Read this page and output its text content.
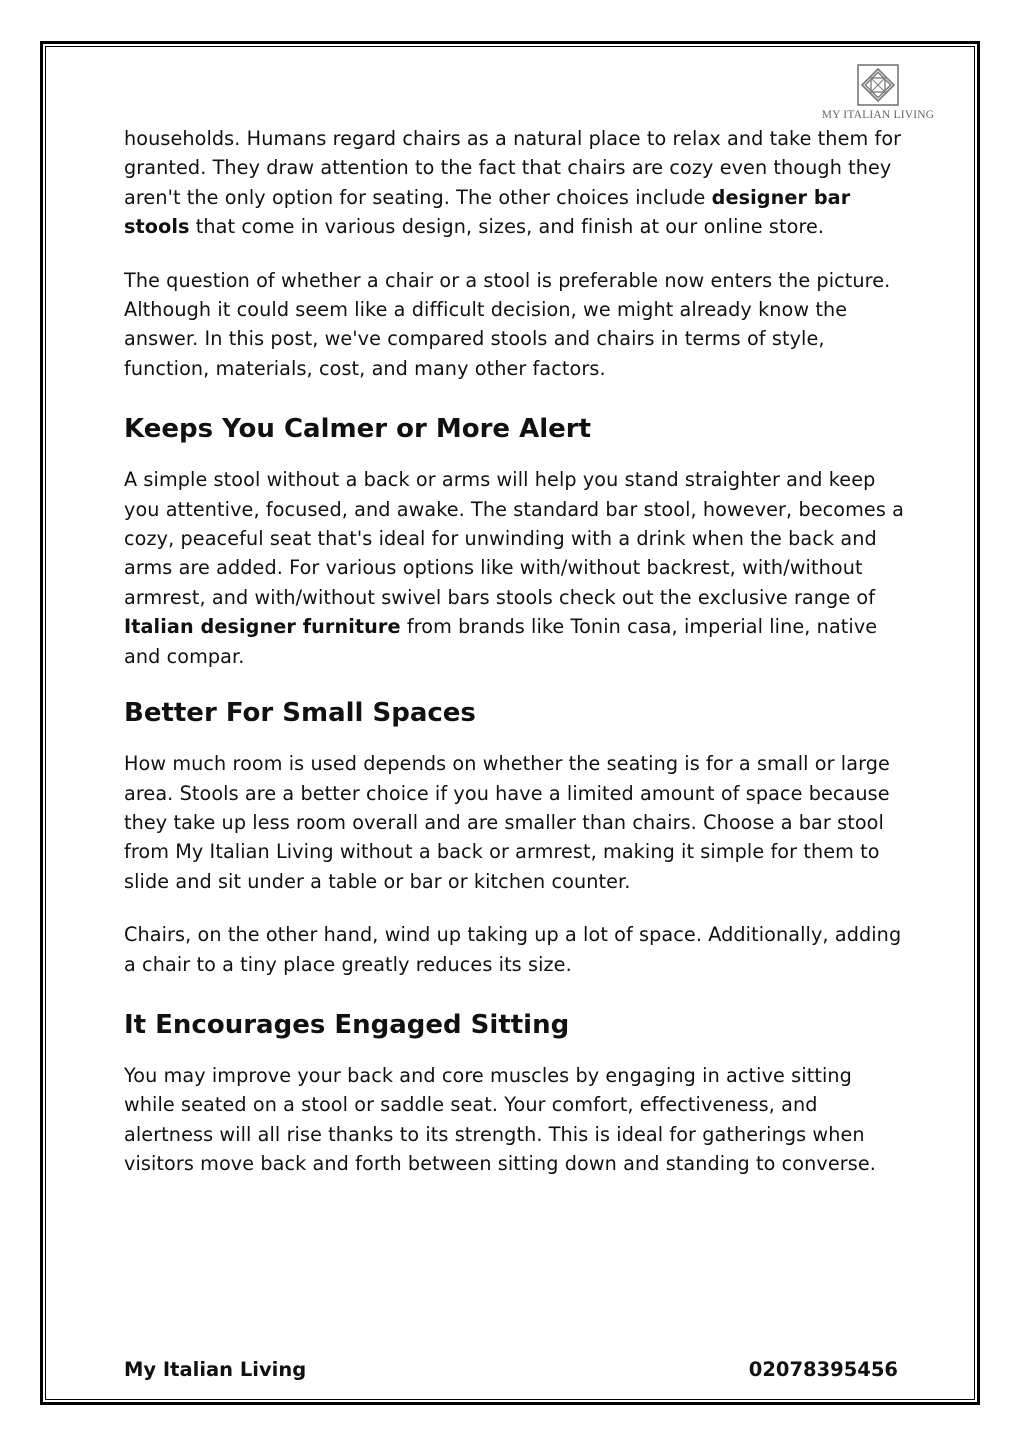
MY ITALIAN LIVING

households. Humans regard chairs as a natural place to relax and take them for granted. They draw attention to the fact that chairs are cozy even though they aren't the only option for seating. The other choices include designer bar stools that come in various design, sizes, and finish at our online store.

The question of whether a chair or a stool is preferable now enters the picture. Although it could seem like a difficult decision, we might already know the answer. In this post, we've compared stools and chairs in terms of style, function, materials, cost, and many other factors.

Keeps You Calmer or More Alert

A simple stool without a back or arms will help you stand straighter and keep you attentive, focused, and awake. The standard bar stool, however, becomes a cozy, peaceful seat that's ideal for unwinding with a drink when the back and arms are added. For various options like with/without backrest, with/without armrest, and with/without swivel bars stools check out the exclusive range of Italian designer furniture from brands like Tonin casa, imperial line, native and compar.

Better For Small Spaces

How much room is used depends on whether the seating is for a small or large area. Stools are a better choice if you have a limited amount of space because they take up less room overall and are smaller than chairs. Choose a bar stool from My Italian Living without a back or armrest, making it simple for them to slide and sit under a table or bar or kitchen counter.

Chairs, on the other hand, wind up taking up a lot of space. Additionally, adding a chair to a tiny place greatly reduces its size.

It Encourages Engaged Sitting

You may improve your back and core muscles by engaging in active sitting while seated on a stool or saddle seat. Your comfort, effectiveness, and alertness will all rise thanks to its strength. This is ideal for gatherings when visitors move back and forth between sitting down and standing to converse.

My Italian Living	02078395456
